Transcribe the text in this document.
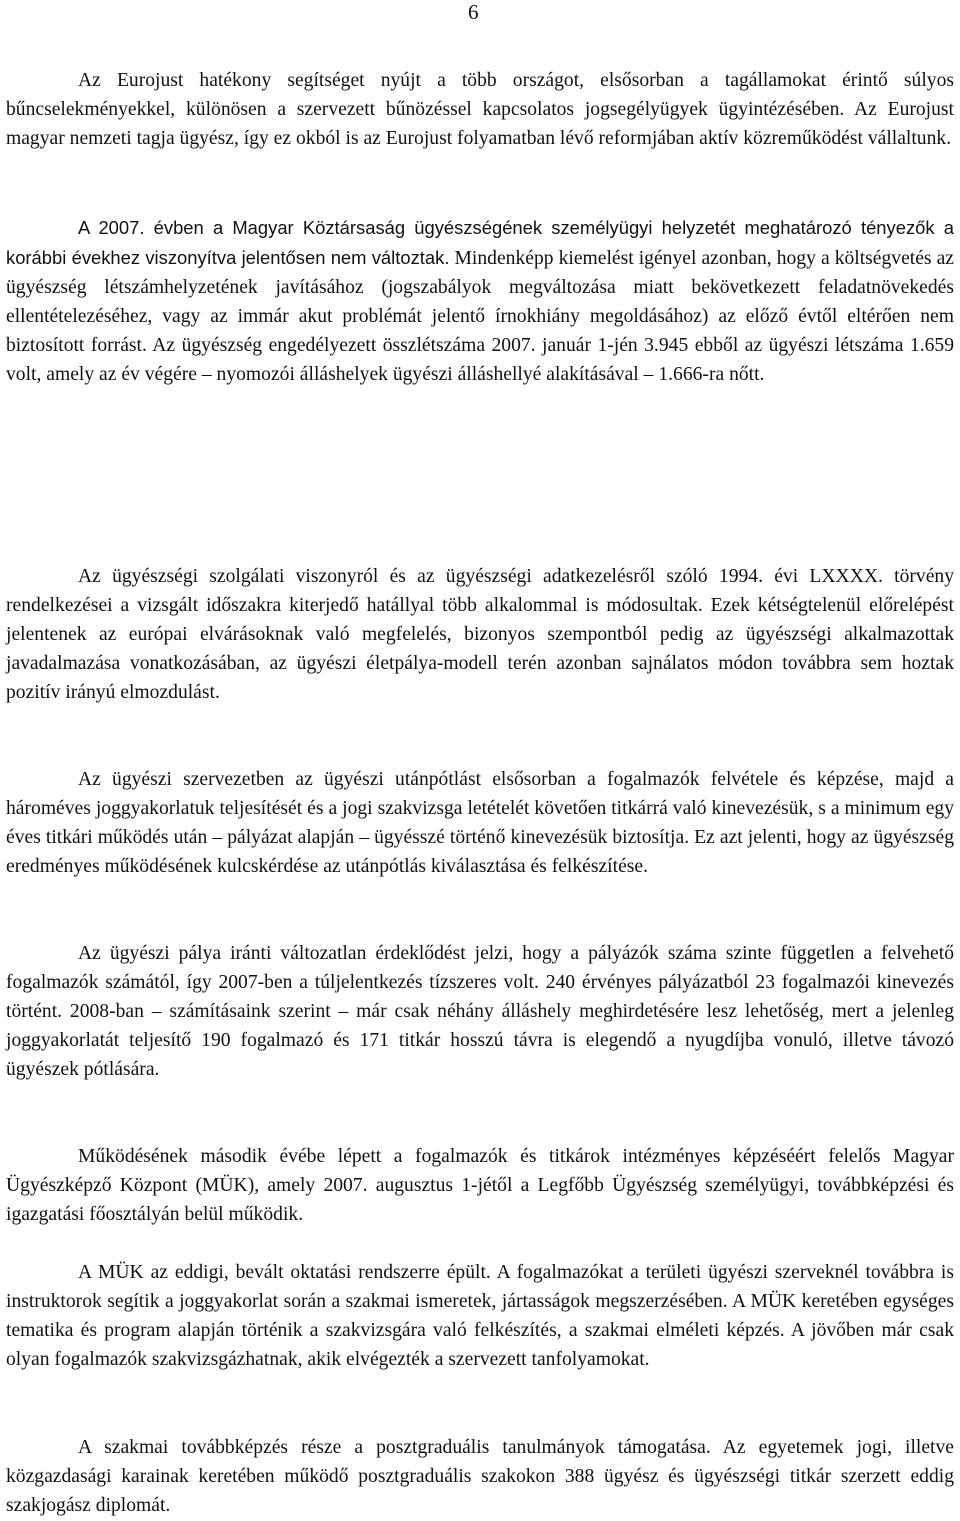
6

Az Eurojust hatékony segítséget nyújt a több országot, elsősorban a tagállamokat érintő súlyos bűncselekményekkel, különösen a szervezett bűnözéssel kapcsolatos jogsegélyügyek ügyintézésében. Az Eurojust magyar nemzeti tagja ügyész, így ez okból is az Eurojust folyamatban lévő reformjában aktív közreműködést vállaltunk.

A 2007. évben a Magyar Köztársaság ügyészségének személyügyi helyzetét meghatározó tényezők a korábbi évekhez viszonyítva jelentősen nem változtak. Mindenképp kiemelést igényel azonban, hogy a költségvetés az ügyészség létszámhelyzetének javításához (jogszabályok megváltozása miatt bekövetkezett feladatnövekedés ellentételezéséhez, vagy az immár akut problémát jelentő írnokhiány megoldásához) az előző évtől eltérően nem biztosított forrást. Az ügyészség engedélyezett összlétszáma 2007. január 1-jén 3.945 ebből az ügyészi létszáma 1.659 volt, amely az év végére – nyomozói álláshelyek ügyészi álláshellyé alakításával – 1.666-ra nőtt.

Az ügyészségi szolgálati viszonyról és az ügyészségi adatkezelésről szóló 1994. évi LXXXX. törvény rendelkezései a vizsgált időszakra kiterjedő hatállyal több alkalommal is módosultak. Ezek kétségtelenül előrelépést jelentenek az európai elvárásoknak való megfelelés, bizonyos szempontból pedig az ügyészségi alkalmazottak javadalmazása vonatkozásában, az ügyészi életpálya-modell terén azonban sajnálatos módon továbbra sem hoztak pozitív irányú elmozdulást.

Az ügyészi szervezetben az ügyészi utánpótlást elsősorban a fogalmazók felvétele és képzése, majd a hároméves joggyakorlatuk teljesítését és a jogi szakvizsga letételét követően titkárrá való kinevezésük, s a minimum egy éves titkári működés után – pályázat alapján – ügyésszé történő kinevezésük biztosítja. Ez azt jelenti, hogy az ügyészség eredményes működésének kulcskérdése az utánpótlás kiválasztása és felkészítése.

Az ügyészi pálya iránti változatlan érdeklődést jelzi, hogy a pályázók száma szinte független a felvehető fogalmazók számától, így 2007-ben a túljelentkezés tízszeres volt. 240 érvényes pályázatból 23 fogalmazói kinevezés történt. 2008-ban – számításaink szerint – már csak néhány álláshely meghirdetésére lesz lehetőség, mert a jelenleg joggyakorlatát teljesítő 190 fogalmazó és 171 titkár hosszú távra is elegendő a nyugdíjba vonuló, illetve távozó ügyészek pótlására.

Működésének második évébe lépett a fogalmazók és titkárok intézményes képzéséért felelős Magyar Ügyészképző Központ (MÜK), amely 2007. augusztus 1-jétől a Legfőbb Ügyészség személyügyi, továbbképzési és igazgatási főosztályán belül működik.

A MÜK az eddigi, bevált oktatási rendszerre épült. A fogalmazókat a területi ügyészi szerveknél továbbra is instruktorok segítik a joggyakorlat során a szakmai ismeretek, jártasságok megszerzésében. A MÜK keretében egységes tematika és program alapján történik a szakvizsgára való felkészítés, a szakmai elméleti képzés. A jövőben már csak olyan fogalmazók szakvizsgázhatnak, akik elvégezték a szervezett tanfolyamokat.

A szakmai továbbképzés része a posztgraduális tanulmányok támogatása. Az egyetemek jogi, illetve közgazdasági karainak keretében működő posztgraduális szakokon 388 ügyész és ügyészségi titkár szerzett eddig szakjogász diplomát.
